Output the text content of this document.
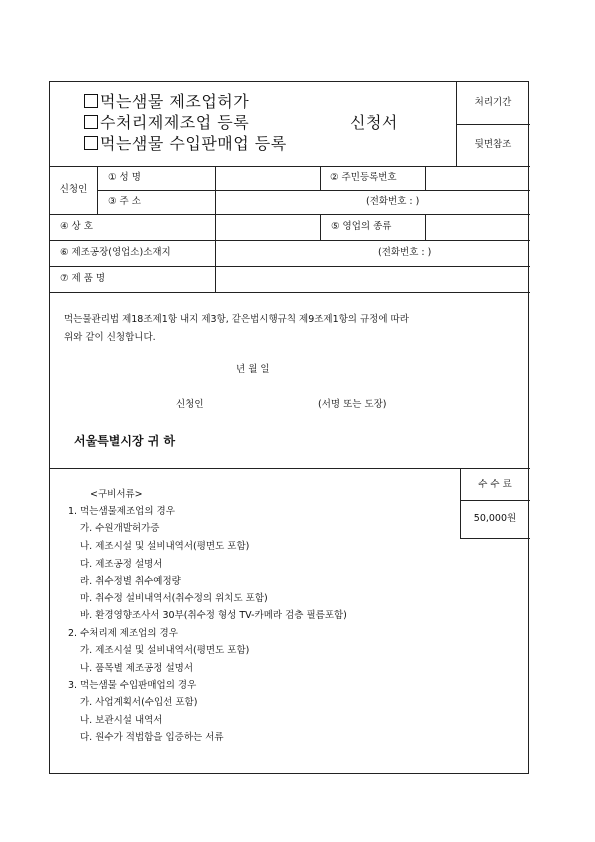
먹는샘물 제조업허가
수처리제제조업 등록	신청서
먹는샘물 수입판매업 등록
처리기간
뒷면참조
신청인
① 성 명	② 주민등록번호
③ 주 소	(전화번호 : )
④ 상 호	⑤ 영업의 종류
⑥ 제조공장(영업소)소재지	(전화번호 : )
⑦ 제 품 명
먹는물관리법 제18조제1항 내지 제3항, 같은법시행규칙 제9조제1항의 규정에 따라
위와 같이 신청합니다.
년 월 일
신청인	(서명 또는 도장)
서울특별시장 귀 하
수 수 료
50,000원
<구비서류>
1. 먹는샘물제조업의 경우
가. 수원개발허가증
나. 제조시설 및 설비내역서(평면도 포함)
다. 제조공정 설명서
라. 취수정별 취수예정량
마. 취수정 설비내역서(취수정의 위치도 포함)
바. 환경영향조사서 30부(취수정 형성 TV-카메라 검층 필름포함)
2. 수처리제 제조업의 경우
가. 제조시설 및 설비내역서(평면도 포함)
나. 품목별 제조공정 설명서
3. 먹는샘물 수입판매업의 경우
가. 사업계획서(수입선 포함)
나. 보관시설 내역서
다. 원수가 적법함을 입증하는 서류
